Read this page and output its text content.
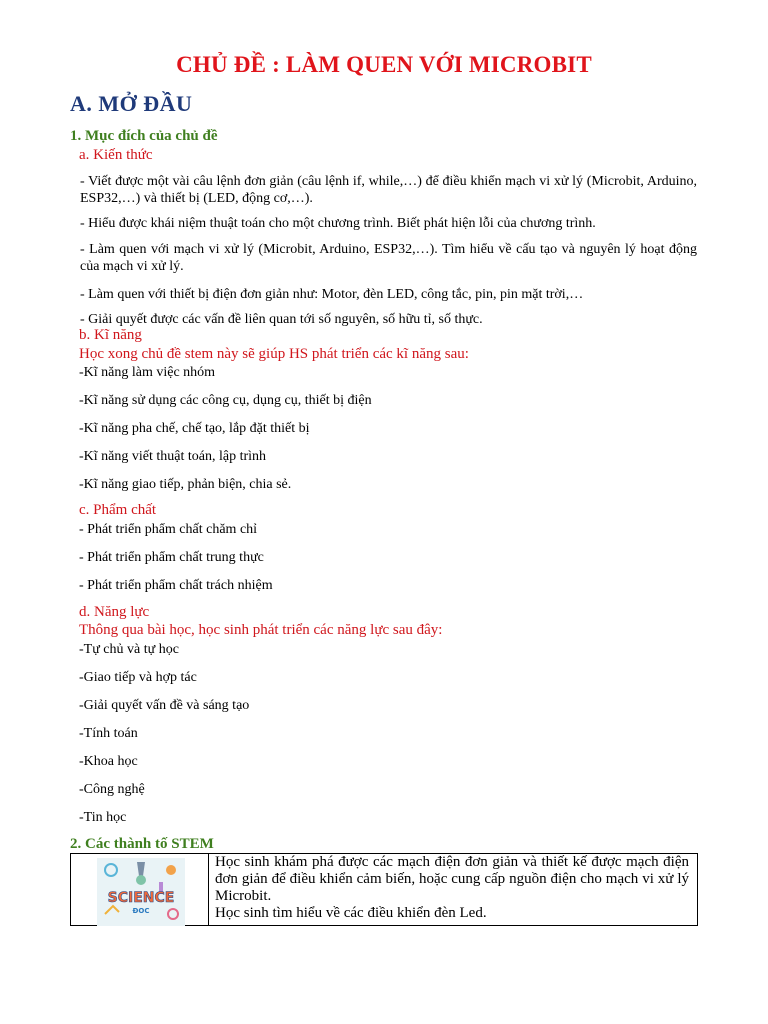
CHỦ ĐỀ : LÀM QUEN VỚI MICROBIT
A. MỞ ĐẦU
1. Mục đích của chủ đề
a. Kiến thức

- Viết được một vài câu lệnh đơn giản (câu lệnh if, while,…) để điều khiển mạch vi xử lý (Microbit, Arduino, ESP32,…) và thiết bị (LED, động cơ,…).

- Hiểu được khái niệm thuật toán cho một chương trình. Biết phát hiện lỗi của chương trình.

- Làm quen với mạch vi xử lý (Microbit, Arduino, ESP32,…). Tìm hiểu về cấu tạo và nguyên lý hoạt động của mạch vi xử lý.

- Làm quen với thiết bị điện đơn giản như: Motor, đèn LED, công tắc, pin, pin mặt trời,…

- Giải quyết được các vấn đề liên quan tới số nguyên, số hữu tỉ, số thực.

b. Kĩ năng
Học xong chủ đề stem này sẽ giúp HS phát triển các kĩ năng sau:

-Kĩ năng làm việc nhóm

-Kĩ năng sử dụng các công cụ, dụng cụ, thiết bị điện

-Kĩ năng pha chế, chế tạo, lắp đặt thiết bị

-Kĩ năng viết thuật toán, lập trình

-Kĩ năng giao tiếp, phản biện, chia sẻ.

c. Phẩm chất

- Phát triển phẩm chất chăm chỉ

- Phát triển phẩm chất trung thực

- Phát triển phẩm chất trách nhiệm

d. Năng lực
Thông qua bài học, học sinh phát triển các năng lực sau đây:

-Tự chủ và tự học

-Giao tiếp và hợp tác

-Giải quyết vấn đề và sáng tạo

-Tính toán

-Khoa học

-Công nghệ

-Tin học

2. Các thành tố STEM
SCIENCE
ĐOC
Học sinh khám phá được các mạch điện đơn giản và thiết kế được mạch điện đơn giản để điều khiển cảm biến, hoặc cung cấp nguồn điện cho mạch vi xử lý Microbit.
Học sinh tìm hiểu về các điều khiển đèn Led.
